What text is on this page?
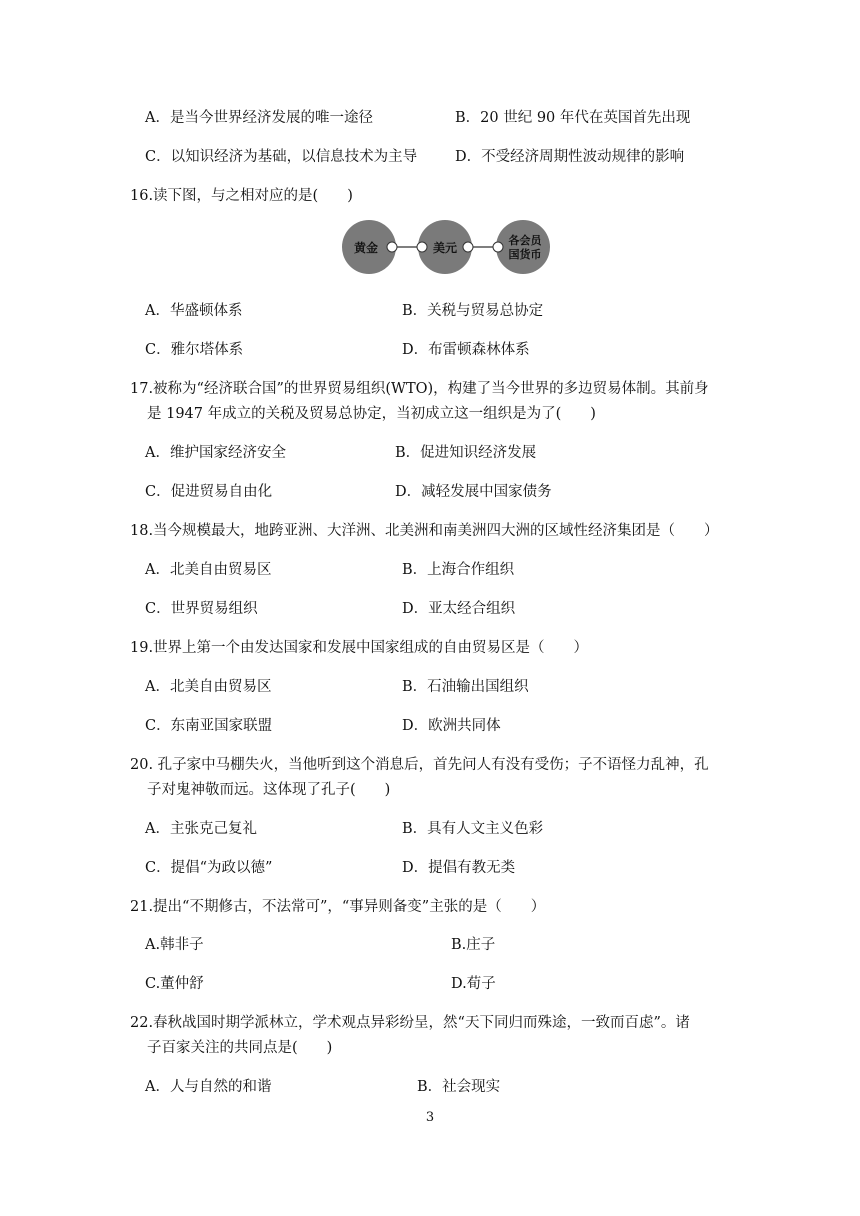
A．是当今世界经济发展的唯一途径	B．20 世纪 90 年代在英国首先出现
C．以知识经济为基础，以信息技术为主导	D．不受经济周期性波动规律的影响
16.读下图，与之相对应的是(　　)
黄金	美元
各会员
国货币
A．华盛顿体系	B．关税与贸易总协定
C．雅尔塔体系	D．布雷顿森林体系
17.被称为“经济联合国”的世界贸易组织(WTO)，构建了当今世界的多边贸易体制。其前身
是 1947 年成立的关税及贸易总协定，当初成立这一组织是为了(　　)
A．维护国家经济安全	B．促进知识经济发展
C．促进贸易自由化	D．减轻发展中国家债务
18.当今规模最大，地跨亚洲、大洋洲、北美洲和南美洲四大洲的区域性经济集团是（　　）
A．北美自由贸易区	B．上海合作组织
C．世界贸易组织	D．亚太经合组织
19.世界上第一个由发达国家和发展中国家组成的自由贸易区是（　　）
A．北美自由贸易区	B．石油输出国组织
C．东南亚国家联盟	D．欧洲共同体
20. 孔子家中马棚失火，当他听到这个消息后，首先问人有没有受伤；子不语怪力乱神，孔
子对鬼神敬而远。这体现了孔子(　　)
A．主张克己复礼	B．具有人文主义色彩
C．提倡“为政以德”	D．提倡有教无类
21.提出“不期修古，不法常可”，“事异则备变”主张的是（　　）
A.韩非子	B.庄子
C.董仲舒	D.荀子
22.春秋战国时期学派林立，学术观点异彩纷呈，然“天下同归而殊途，一致而百虑”。诸
子百家关注的共同点是(　　)
A．人与自然的和谐	B．社会现实
3
